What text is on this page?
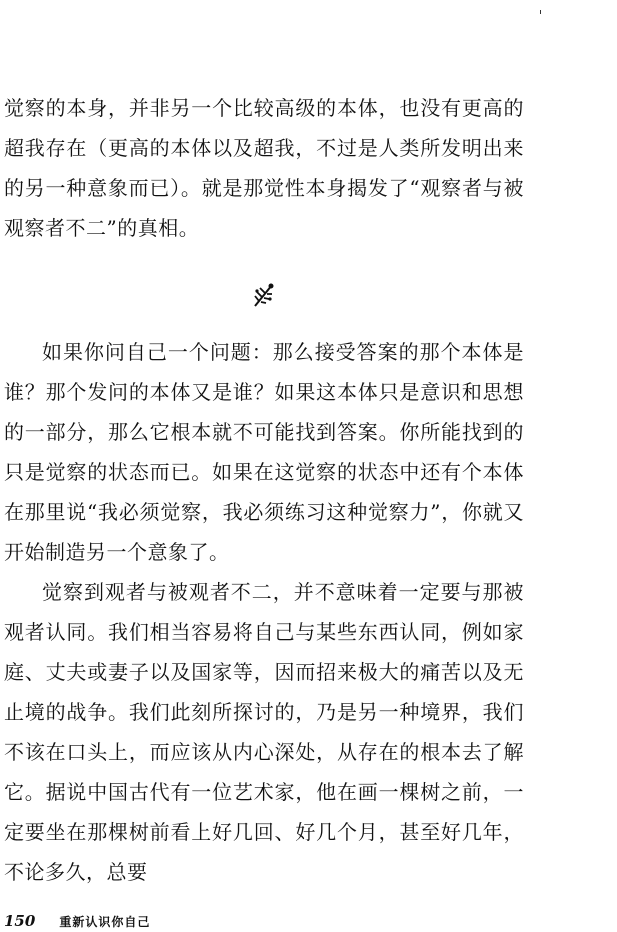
觉察的本身，并非另一个比较高级的本体，也没有更高的超我存在（更高的本体以及超我，不过是人类所发明出来的另一种意象而已）。就是那觉性本身揭发了“观察者与被观察者不二”的真相。

如果你问自己一个问题：那么接受答案的那个本体是谁？那个发问的本体又是谁？如果这本体只是意识和思想的一部分，那么它根本就不可能找到答案。你所能找到的只是觉察的状态而已。如果在这觉察的状态中还有个本体在那里说“我必须觉察，我必须练习这种觉察力”，你就又开始制造另一个意象了。

觉察到观者与被观者不二，并不意味着一定要与那被观者认同。我们相当容易将自己与某些东西认同，例如家庭、丈夫或妻子以及国家等，因而招来极大的痛苦以及无止境的战争。我们此刻所探讨的，乃是另一种境界，我们不该在口头上，而应该从内心深处，从存在的根本去了解它。据说中国古代有一位艺术家，他在画一棵树之前，一定要坐在那棵树前看上好几回、好几个月，甚至好几年，不论多久，总要

150 重新认识你自己
